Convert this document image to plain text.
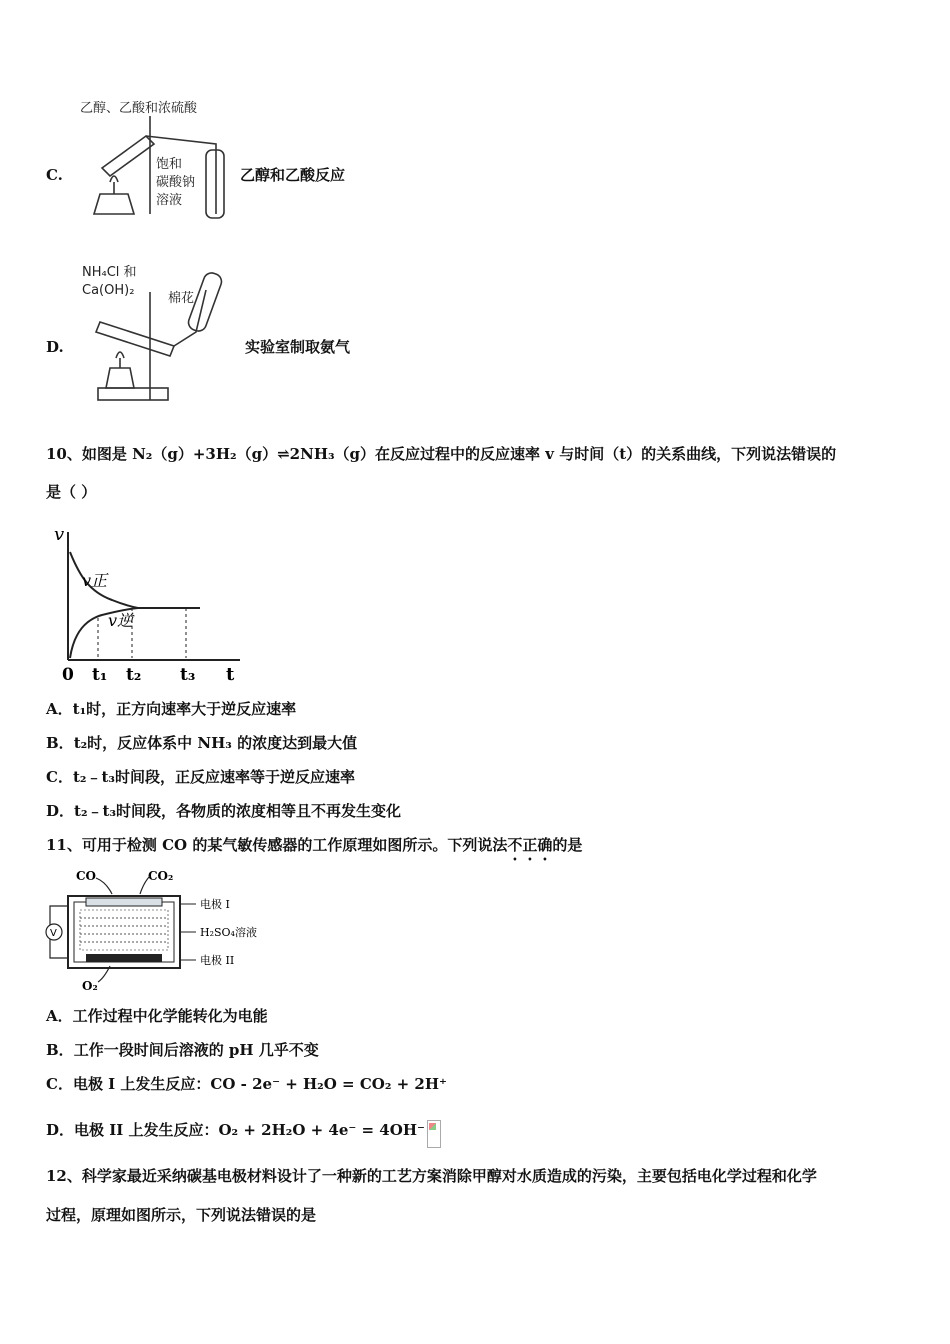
C.
乙醇、乙酸和浓硫酸
饱和
碳酸钠
溶液
乙醇和乙酸反应
D.
NH₄Cl 和
Ca(OH)₂
棉花
实验室制取氨气
10、如图是 N₂（g）+3H₂（g）⇌2NH₃（g）在反应过程中的反应速率 v 与时间（t）的关系曲线，下列说法错误的
是（ ）
v
t
v正
v逆
0 t₁ t₂ t₃
A．t₁时，正方向速率大于逆反应速率
B．t₂时，反应体系中 NH₃ 的浓度达到最大值
C．t₂﹣t₃时间段，正反应速率等于逆反应速率
D．t₂﹣t₃时间段，各物质的浓度相等且不再发生变化
11、可用于检测 CO 的某气敏传感器的工作原理如图所示。下列说法不正确的是
CO	CO₂
V
电极 I
H₂SO₄溶液
电极 II
O₂
A．工作过程中化学能转化为电能
B．工作一段时间后溶液的 pH 几乎不变
C．电极 I 上发生反应：CO - 2e⁻ + H₂O = CO₂ + 2H⁺
D．电极 II 上发生反应：O₂ + 2H₂O + 4e⁻ = 4OH⁻
12、科学家最近采纳碳基电极材料设计了一种新的工艺方案消除甲醇对水质造成的污染，主要包括电化学过程和化学
过程，原理如图所示，下列说法错误的是
